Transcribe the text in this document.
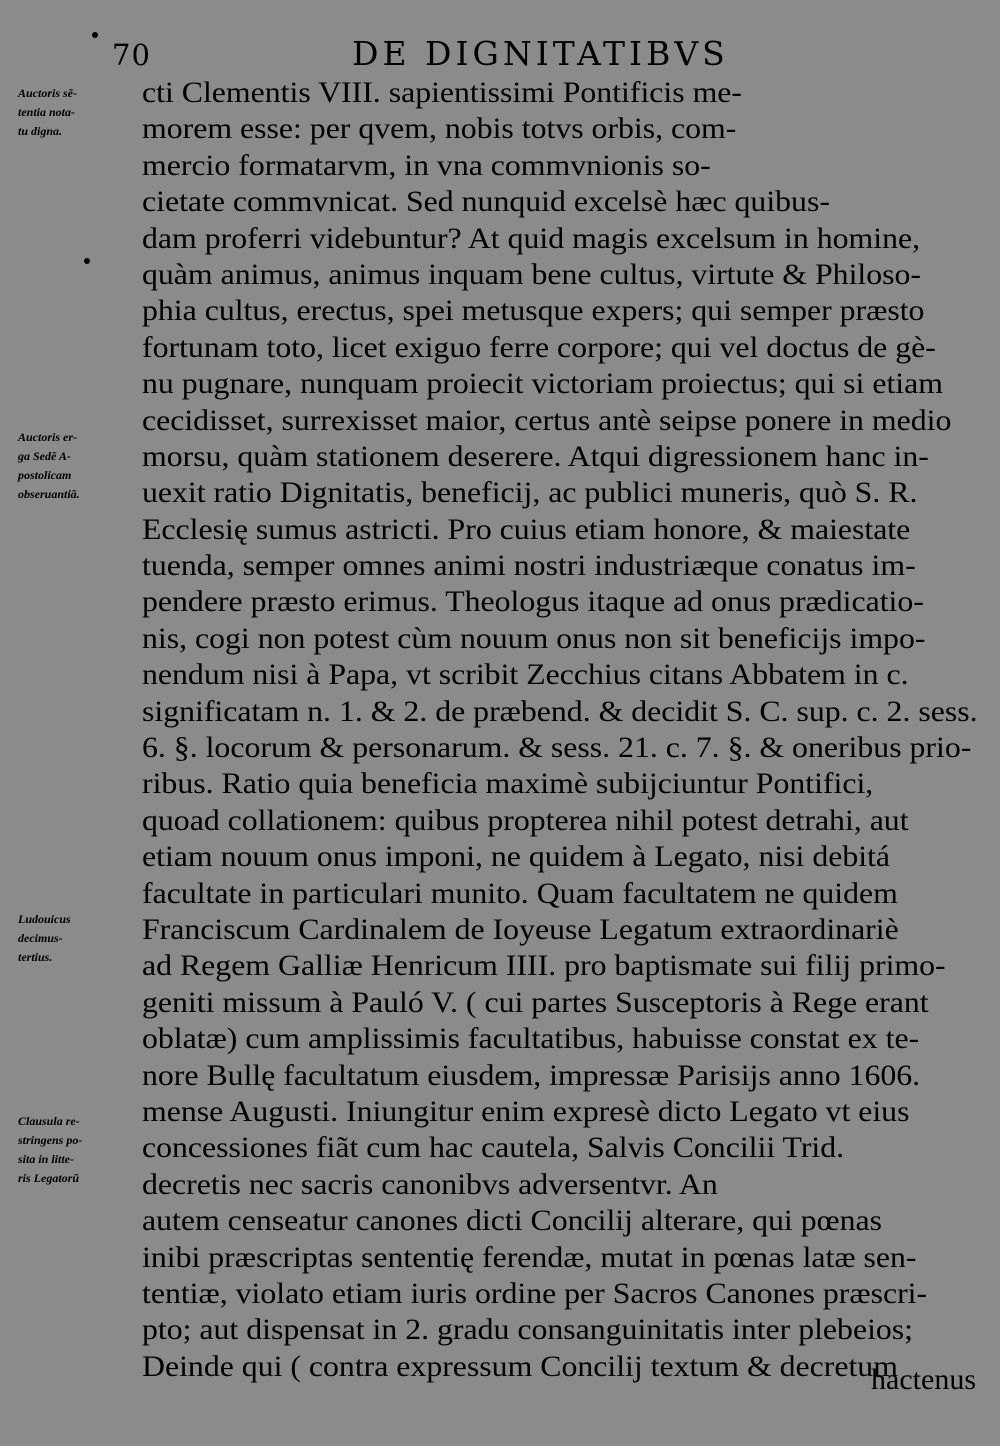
70	DE DIGNITATIBVS
Auctoris sẽ-
tentia nota-
tu digna.
Auctoris er-
ga Sedẽ A-
postolicam
obseruantiã.
Ludouicus
decimus-
tertius.
Clausula re-
stringens po-
sita in litte-
ris Legatorũ
cti Clementis VIII. sapientissimi Pontificis me-
morem esse: per qvem, nobis totvs orbis, com-
mercio formatarvm, in vna commvnionis so-
cietate commvnicat. Sed nunquid excelsè hæc quibus-
dam proferri videbuntur? At quid magis excelsum in homine,
quàm animus, animus inquam bene cultus, virtute & Philoso-
phia cultus, erectus, spei metusque expers; qui semper præsto
fortunam toto, licet exiguo ferre corpore; qui vel doctus de gè-
nu pugnare, nunquam proiecit victoriam proiectus; qui si etiam
cecidisset, surrexisset maior, certus antè seipse ponere in medio
morsu, quàm stationem deserere. Atqui digressionem hanc in-
uexit ratio Dignitatis, beneficij, ac publici muneris, quò S. R.
Ecclesię sumus astricti. Pro cuius etiam honore, & maiestate
tuenda, semper omnes animi nostri industriæque conatus im-
pendere præsto erimus. Theologus itaque ad onus prædicatio-
nis, cogi non potest cùm nouum onus non sit beneficijs impo-
nendum nisi à Papa, vt scribit Zecchius citans Abbatem in c.
significatam n. 1. & 2. de præbend. & decidit S. C. sup. c. 2. sess.
6. §. locorum & personarum. & sess. 21. c. 7. §. & oneribus prio-
ribus. Ratio quia beneficia maximè subijciuntur Pontifici,
quoad collationem: quibus propterea nihil potest detrahi, aut
etiam nouum onus imponi, ne quidem à Legato, nisi debitá
facultate in particulari munito. Quam facultatem ne quidem
Franciscum Cardinalem de Ioyeuse Legatum extraordinariè
ad Regem Galliæ Henricum IIII. pro baptismate sui filij primo-
geniti missum à Pauló V. ( cui partes Susceptoris à Rege erant
oblatæ) cum amplissimis facultatibus, habuisse constat ex te-
nore Bullę facultatum eiusdem, impressæ Parisijs anno 1606.
mense Augusti. Iniungitur enim expresè dicto Legato vt eius
concessiones fiãt cum hac cautela, Salvis Concilii Trid.
decretis nec sacris canonibvs adversentvr. An
autem censeatur canones dicti Concilij alterare, qui pœnas
inibi præscriptas sententię ferendæ, mutat in pœnas latæ sen-
tentiæ, violato etiam iuris ordine per Sacros Canones præscri-
pto; aut dispensat in 2. gradu consanguinitatis inter plebeios;
Deinde qui ( contra expressum Concilij textum & decretum
hactenus
